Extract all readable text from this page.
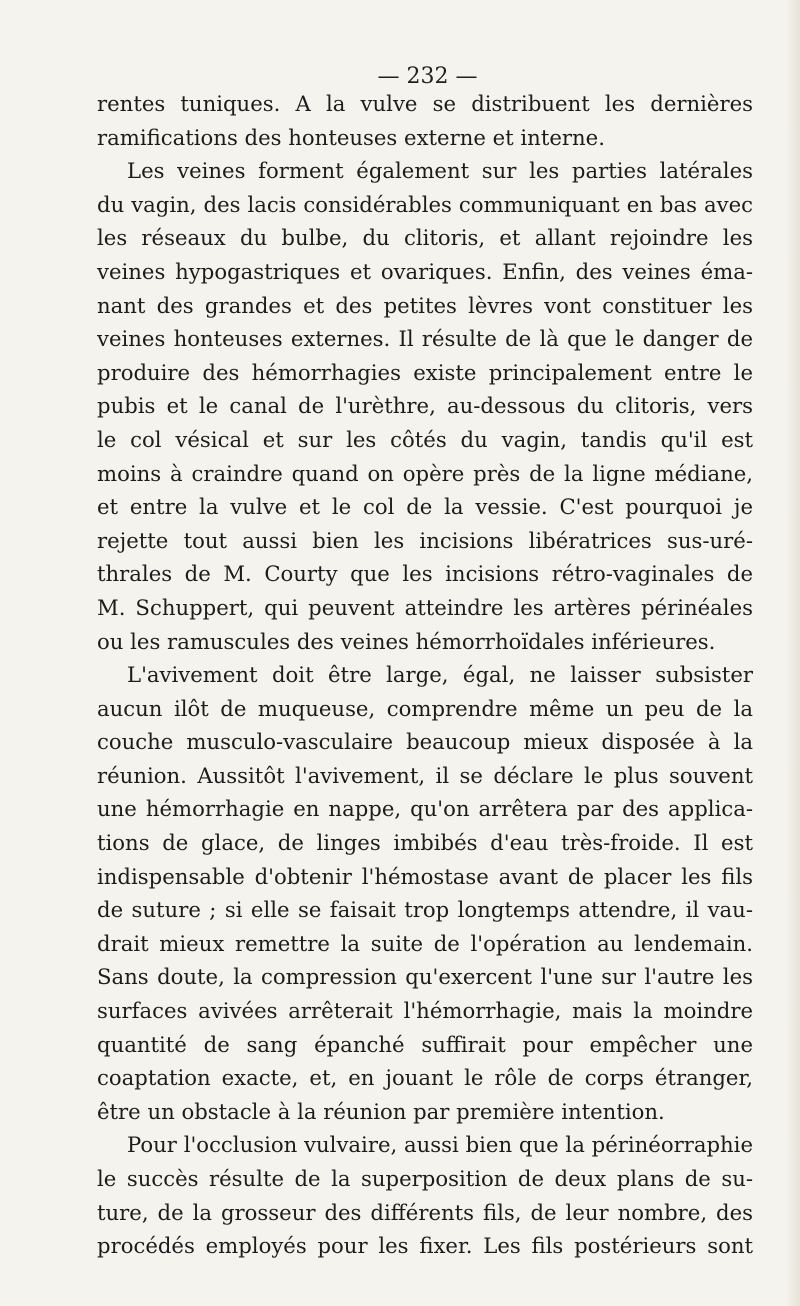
— 232 —
rentes tuniques. A la vulve se distribuent les dernières
ramifications des honteuses externe et interne.
Les veines forment également sur les parties latérales
du vagin, des lacis considérables communiquant en bas avec
les réseaux du bulbe, du clitoris, et allant rejoindre les
veines hypogastriques et ovariques. Enfin, des veines éma-
nant des grandes et des petites lèvres vont constituer les
veines honteuses externes. Il résulte de là que le danger de
produire des hémorrhagies existe principalement entre le
pubis et le canal de l'urèthre, au-dessous du clitoris, vers
le col vésical et sur les côtés du vagin, tandis qu'il est
moins à craindre quand on opère près de la ligne médiane,
et entre la vulve et le col de la vessie. C'est pourquoi je
rejette tout aussi bien les incisions libératrices sus-uré-
thrales de M. Courty que les incisions rétro-vaginales de
M. Schuppert, qui peuvent atteindre les artères périnéales
ou les ramuscules des veines hémorrhoïdales inférieures.
L'avivement doit être large, égal, ne laisser subsister
aucun ilôt de muqueuse, comprendre même un peu de la
couche musculo-vasculaire beaucoup mieux disposée à la
réunion. Aussitôt l'avivement, il se déclare le plus souvent
une hémorrhagie en nappe, qu'on arrêtera par des applica-
tions de glace, de linges imbibés d'eau très-froide. Il est
indispensable d'obtenir l'hémostase avant de placer les fils
de suture ; si elle se faisait trop longtemps attendre, il vau-
drait mieux remettre la suite de l'opération au lendemain.
Sans doute, la compression qu'exercent l'une sur l'autre les
surfaces avivées arrêterait l'hémorrhagie, mais la moindre
quantité de sang épanché suffirait pour empêcher une
coaptation exacte, et, en jouant le rôle de corps étranger,
être un obstacle à la réunion par première intention.
Pour l'occlusion vulvaire, aussi bien que la périnéorraphie
le succès résulte de la superposition de deux plans de su-
ture, de la grosseur des différents fils, de leur nombre, des
procédés employés pour les fixer. Les fils postérieurs sont
